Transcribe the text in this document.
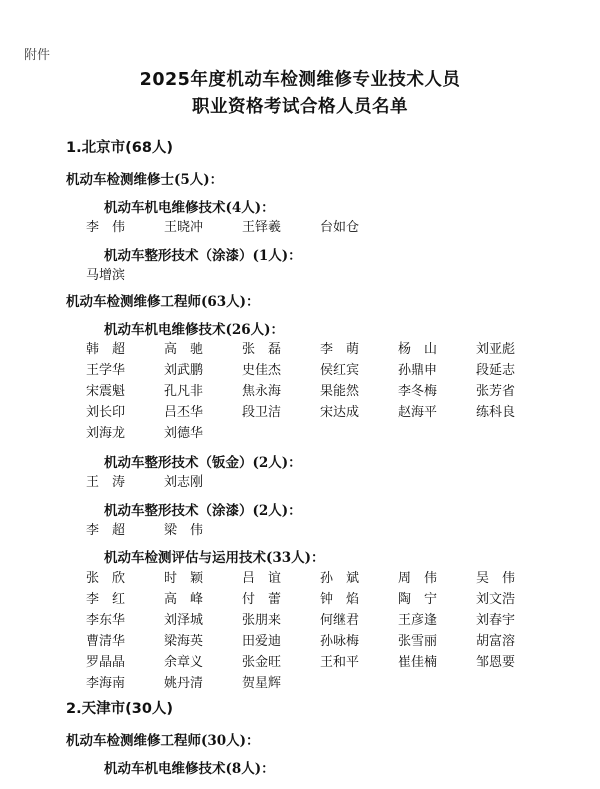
附件
2025年度机动车检测维修专业技术人员
职业资格考试合格人员名单
1.北京市(68人)
机动车检测维修士(5人)：
机动车机电维修技术(4人)：
李　伟	王晓冲	王铎羲	台如仓
机动车整形技术（涂漆）(1人)：
马增滨
机动车检测维修工程师(63人)：
机动车机电维修技术(26人)：
韩　超	高　驰	张　磊	李　萌	杨　山	刘亚彪
王学华	刘武鹏	史佳杰	侯红宾	孙鼎申	段延志
宋震魁	孔凡非	焦永海	果能然	李冬梅	张芳省
刘长印	吕丕华	段卫洁	宋达成	赵海平	练科良
刘海龙	刘德华
机动车整形技术（钣金）(2人)：
王　涛	刘志刚
机动车整形技术（涂漆）(2人)：
李　超	梁　伟
机动车检测评估与运用技术(33人)：
张　欣	时　颖	吕　谊	孙　斌	周　伟	吴　伟
李　红	高　峰	付　蕾	钟　焰	陶　宁	刘文浩
李东华	刘泽城	张朋来	何继君	王彦逢	刘春宇
曹清华	梁海英	田爱迪	孙咏梅	张雪丽	胡富溶
罗晶晶	余章义	张金旺	王和平	崔佳楠	邹恩要
李海南	姚丹清	贺星辉
2.天津市(30人)
机动车检测维修工程师(30人)：
机动车机电维修技术(8人)：
